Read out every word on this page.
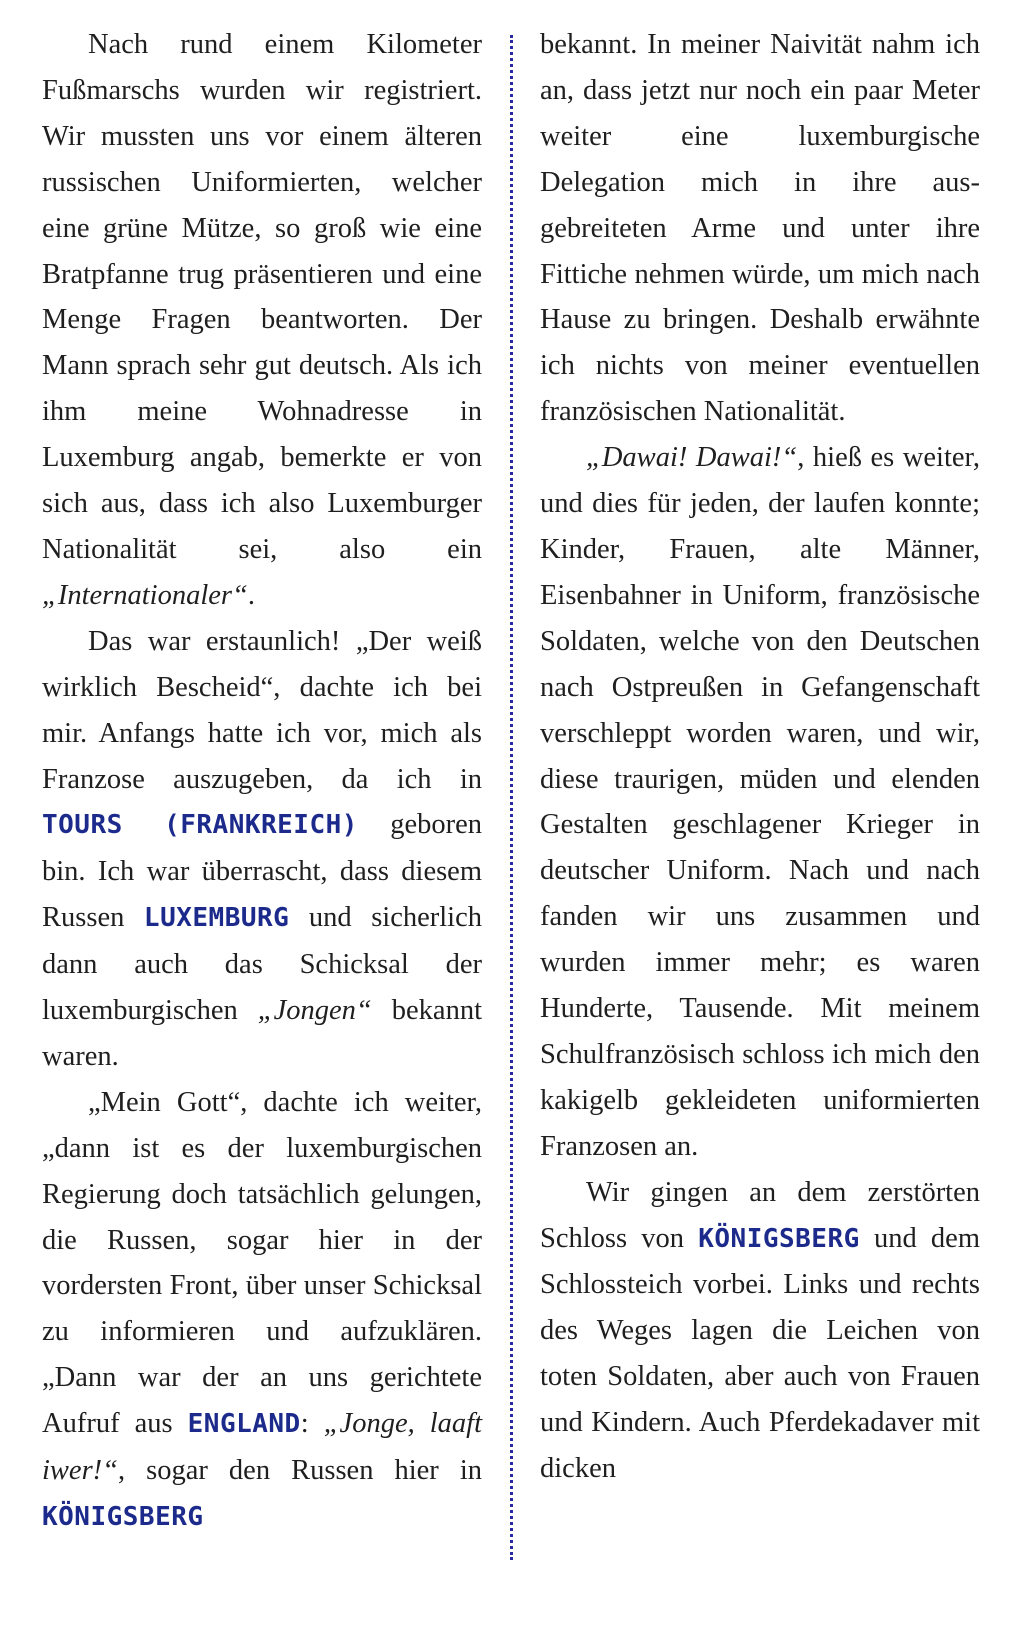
Nach rund einem Kilometer Fußmarschs wurden wir registriert. Wir mussten uns vor einem älteren russischen Uniformierten, welcher eine grüne Mütze, so groß wie eine Bratpfanne trug präsentieren und eine Menge Fragen beantworten. Der Mann sprach sehr gut deutsch. Als ich ihm meine Wohnadresse in Luxemburg angab, bemerkte er von sich aus, dass ich also Luxemburger Nationalität sei, also ein „Internationaler“.

Das war erstaunlich! „Der weiß wirklich Bescheid“, dachte ich bei mir. Anfangs hatte ich vor, mich als Franzose auszugeben, da ich in TOURS (FRANKREICH) geboren bin. Ich war überrascht, dass diesem Russen LUXEMBURG und sicherlich dann auch das Schicksal der luxemburgischen „Jongen“ bekannt waren.

„Mein Gott“, dachte ich weiter, „dann ist es der luxemburgischen Regierung doch tatsächlich gelungen, die Russen, sogar hier in der vordersten Front, über unser Schicksal zu informieren und aufzuklären. „Dann war der an uns gerichtete Aufruf aus ENGLAND: „Jonge, laaft iwer!“, sogar den Russen hier in KÖNIGSBERG

bekannt. In meiner Naivität nahm ich an, dass jetzt nur noch ein paar Meter weiter eine luxemburgische Delegation mich in ihre ausgebreiteten Arme und unter ihre Fittiche nehmen würde, um mich nach Hause zu bringen. Deshalb erwähnte ich nichts von meiner eventuellen französischen Nationalität.

„Dawai! Dawai!“, hieß es weiter, und dies für jeden, der laufen konnte; Kinder, Frauen, alte Männer, Eisenbahner in Uniform, französische Soldaten, welche von den Deutschen nach Ostpreußen in Gefangenschaft verschleppt worden waren, und wir, diese traurigen, müden und elenden Gestalten geschlagener Krieger in deutscher Uniform. Nach und nach fanden wir uns zusammen und wurden immer mehr; es waren Hunderte, Tausende. Mit meinem Schulfranzösisch schloss ich mich den kakigelb gekleideten uniformierten Franzosen an.

Wir gingen an dem zerstörten Schloss von KÖNIGSBERG und dem Schlossteich vorbei. Links und rechts des Weges lagen die Leichen von toten Soldaten, aber auch von Frauen und Kindern. Auch Pferdekadaver mit dicken
